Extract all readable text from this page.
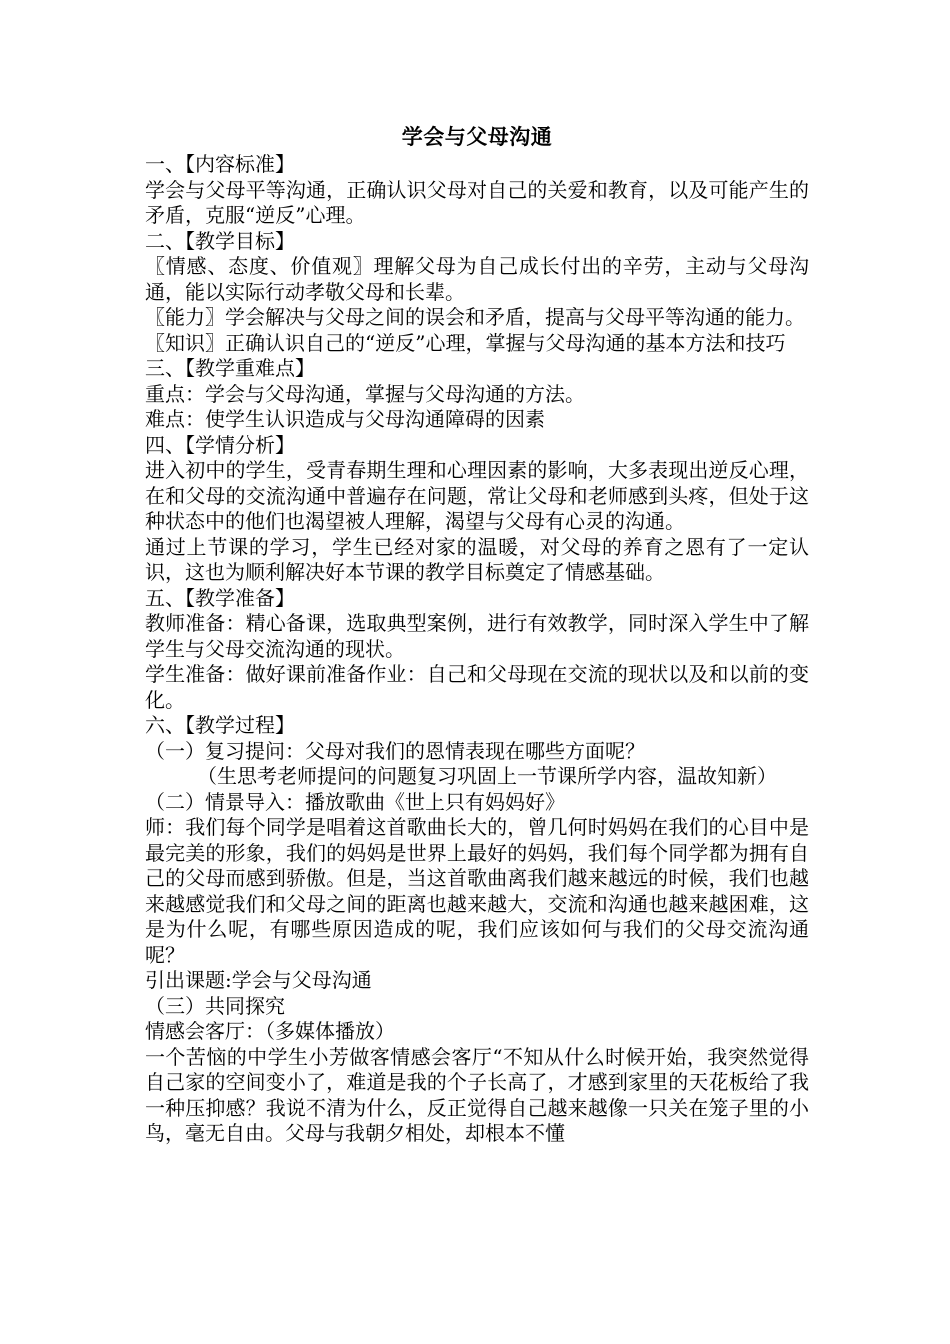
学会与父母沟通
一、【内容标准】
学会与父母平等沟通，正确认识父母对自己的关爱和教育，以及可能产生的矛盾，克服“逆反”心理。
二、【教学目标】
〖情感、态度、价值观〗理解父母为自己成长付出的辛劳，主动与父母沟通，能以实际行动孝敬父母和长辈。
〖能力〗学会解决与父母之间的误会和矛盾，提高与父母平等沟通的能力。
〖知识〗正确认识自己的“逆反”心理，掌握与父母沟通的基本方法和技巧
三、【教学重难点】
重点：学会与父母沟通，掌握与父母沟通的方法。
难点：使学生认识造成与父母沟通障碍的因素
四、【学情分析】
进入初中的学生，受青春期生理和心理因素的影响，大多表现出逆反心理，在和父母的交流沟通中普遍存在问题，常让父母和老师感到头疼，但处于这种状态中的他们也渴望被人理解，渴望与父母有心灵的沟通。
通过上节课的学习，学生已经对家的温暖，对父母的养育之恩有了一定认识，这也为顺利解决好本节课的教学目标奠定了情感基础。
五、【教学准备】
教师准备：精心备课，选取典型案例，进行有效教学，同时深入学生中了解学生与父母交流沟通的现状。
学生准备：做好课前准备作业：自己和父母现在交流的现状以及和以前的变化。
六、【教学过程】
（一）复习提问：父母对我们的恩情表现在哪些方面呢？
（生思考老师提问的问题复习巩固上一节课所学内容，温故知新）
（二）情景导入：播放歌曲《世上只有妈妈好》
师：我们每个同学是唱着这首歌曲长大的，曾几何时妈妈在我们的心目中是最完美的形象，我们的妈妈是世界上最好的妈妈，我们每个同学都为拥有自己的父母而感到骄傲。但是，当这首歌曲离我们越来越远的时候，我们也越来越感觉我们和父母之间的距离也越来越大，交流和沟通也越来越困难，这是为什么呢，有哪些原因造成的呢，我们应该如何与我们的父母交流沟通呢？
引出课题:学会与父母沟通
（三）共同探究
情感会客厅：（多媒体播放）
一个苦恼的中学生小芳做客情感会客厅“不知从什么时候开始，我突然觉得自己家的空间变小了，难道是我的个子长高了，才感到家里的天花板给了我一种压抑感？我说不清为什么，反正觉得自己越来越像一只关在笼子里的小鸟，毫无自由。父母与我朝夕相处，却根本不懂
